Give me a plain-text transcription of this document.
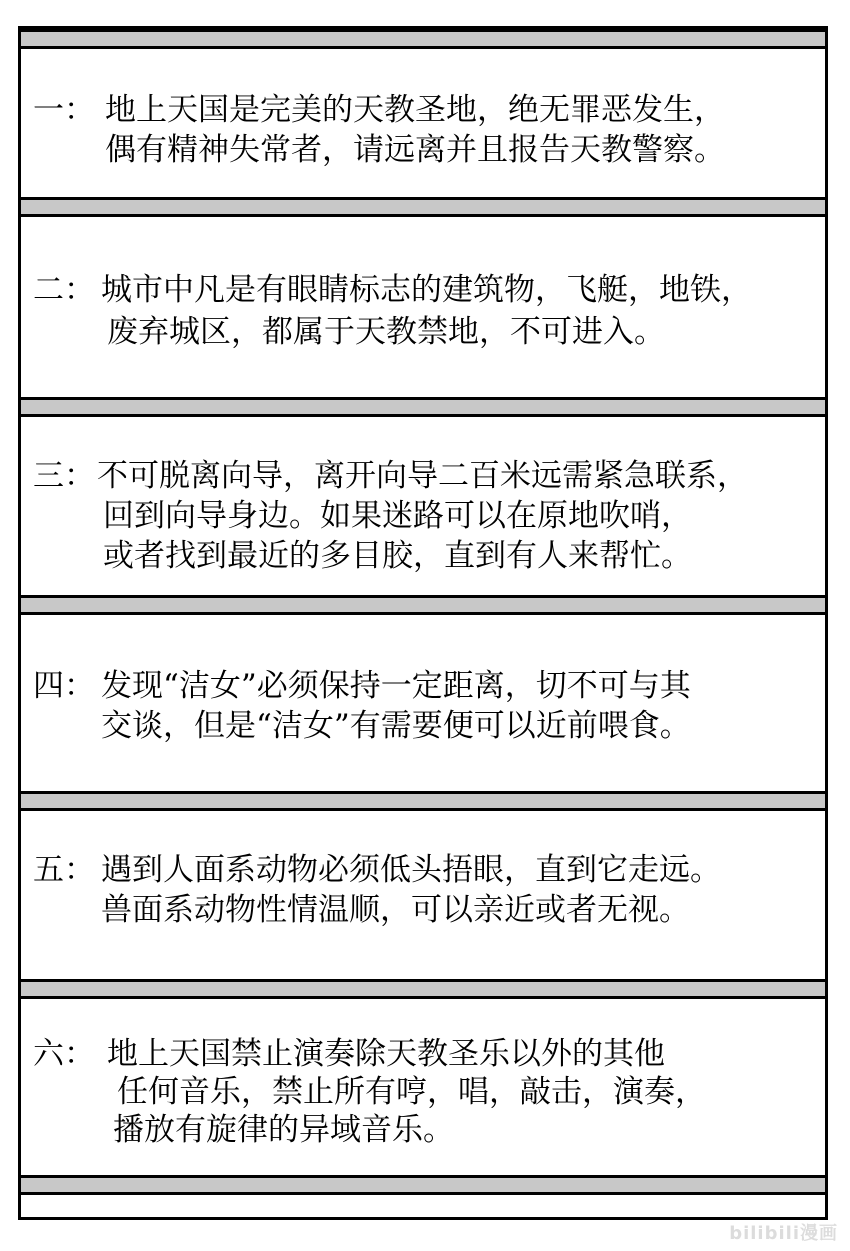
一： 地上天国是完美的天教圣地，绝无罪恶发生，
偶有精神失常者，请远离并且报告天教警察。
二： 城市中凡是有眼睛标志的建筑物，飞艇，地铁，
废弃城区，都属于天教禁地，不可进入。
三： 不可脱离向导，离开向导二百米远需紧急联系，
回到向导身边。如果迷路可以在原地吹哨，
或者找到最近的多目胶，直到有人来帮忙。
四： 发现“洁女”必须保持一定距离，切不可与其
交谈，但是“洁女”有需要便可以近前喂食。
五： 遇到人面系动物必须低头捂眼，直到它走远。
兽面系动物性情温顺，可以亲近或者无视。
六： 地上天国禁止演奏除天教圣乐以外的其他
任何音乐，禁止所有哼，唱，敲击，演奏，
播放有旋律的异域音乐。
bilibili漫画
